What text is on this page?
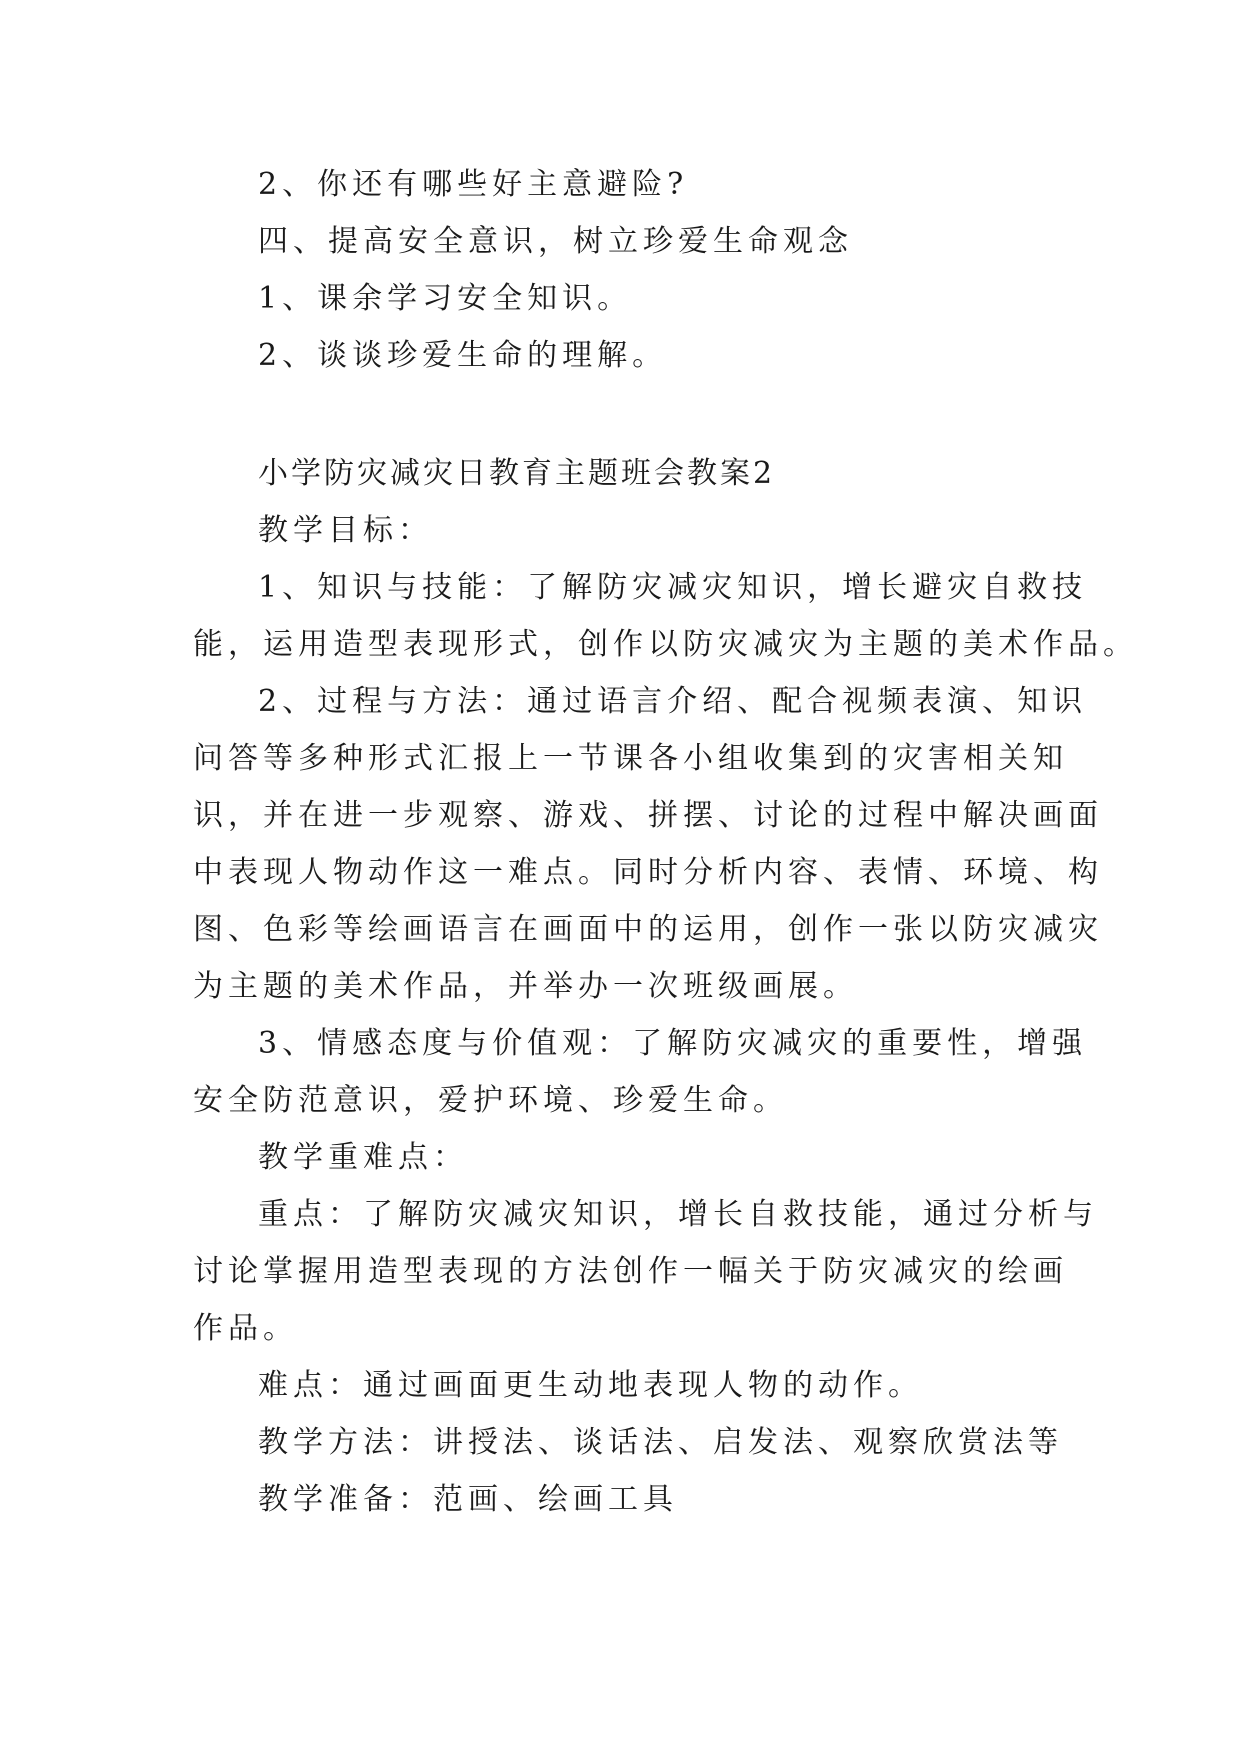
2、你还有哪些好主意避险?
四、提高安全意识，树立珍爱生命观念
1、课余学习安全知识。
2、谈谈珍爱生命的理解。
小学防灾减灾日教育主题班会教案2
教学目标：
1、知识与技能：了解防灾减灾知识，增长避灾自救技
能，运用造型表现形式，创作以防灾减灾为主题的美术作品。
2、过程与方法：通过语言介绍、配合视频表演、知识
问答等多种形式汇报上一节课各小组收集到的灾害相关知
识，并在进一步观察、游戏、拼摆、讨论的过程中解决画面
中表现人物动作这一难点。同时分析内容、表情、环境、构
图、色彩等绘画语言在画面中的运用，创作一张以防灾减灾
为主题的美术作品，并举办一次班级画展。
3、情感态度与价值观：了解防灾减灾的重要性，增强
安全防范意识，爱护环境、珍爱生命。
教学重难点：
重点：了解防灾减灾知识，增长自救技能，通过分析与
讨论掌握用造型表现的方法创作一幅关于防灾减灾的绘画
作品。
难点：通过画面更生动地表现人物的动作。
教学方法：讲授法、谈话法、启发法、观察欣赏法等
教学准备：范画、绘画工具
